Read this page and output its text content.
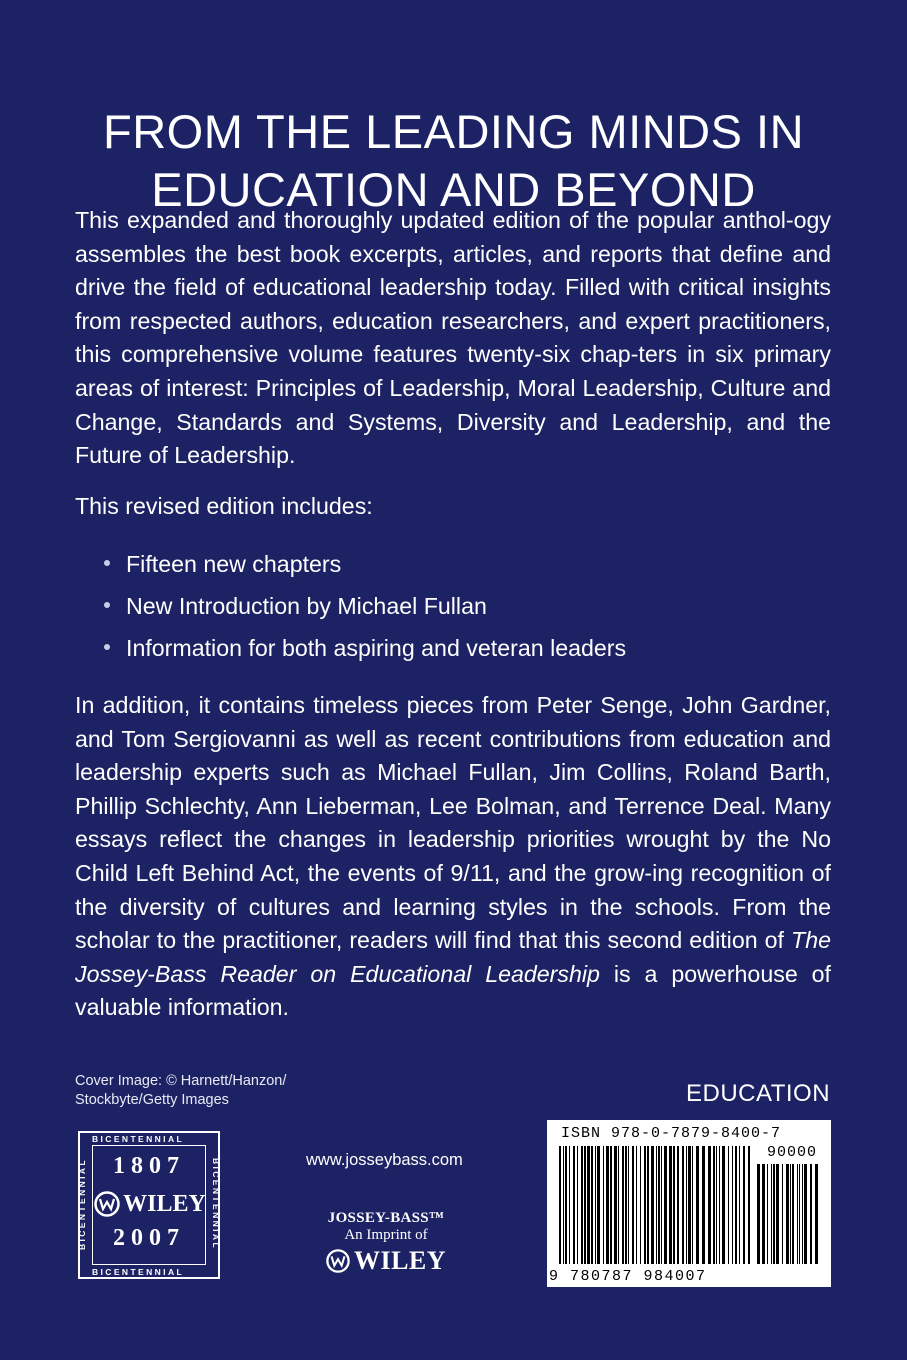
FROM THE LEADING MINDS IN
EDUCATION AND BEYOND

This expanded and thoroughly updated edition of the popular anthol-ogy assembles the best book excerpts, articles, and reports that define and drive the field of educational leadership today. Filled with critical insights from respected authors, education researchers, and expert practitioners, this comprehensive volume features twenty-six chap-ters in six primary areas of interest: Principles of Leadership, Moral Leadership, Culture and Change, Standards and Systems, Diversity and Leadership, and the Future of Leadership.

This revised edition includes:

Fifteen new chapters
New Introduction by Michael Fullan
Information for both aspiring and veteran leaders

In addition, it contains timeless pieces from Peter Senge, John Gardner, and Tom Sergiovanni as well as recent contributions from education and leadership experts such as Michael Fullan, Jim Collins, Roland Barth, Phillip Schlechty, Ann Lieberman, Lee Bolman, and Terrence Deal. Many essays reflect the changes in leadership priorities wrought by the No Child Left Behind Act, the events of 9/11, and the grow-ing recognition of the diversity of cultures and learning styles in the schools. From the scholar to the practitioner, readers will find that this second edition of The Jossey-Bass Reader on Educational Leadership is a powerhouse of valuable information.

Cover Image: © Harnett/Hanzon/
Stockbyte/Getty Images	EDUCATION
BICENTENNIAL
BICENTENNIAL
BICENTENNIAL	BICENTENNIAL
1807
WILEY
2007
www.josseybass.com
JOSSEY-BASS™
An Imprint of
WILEY
ISBN 978-0-7879-8400-7
90000
9 780787 984007
